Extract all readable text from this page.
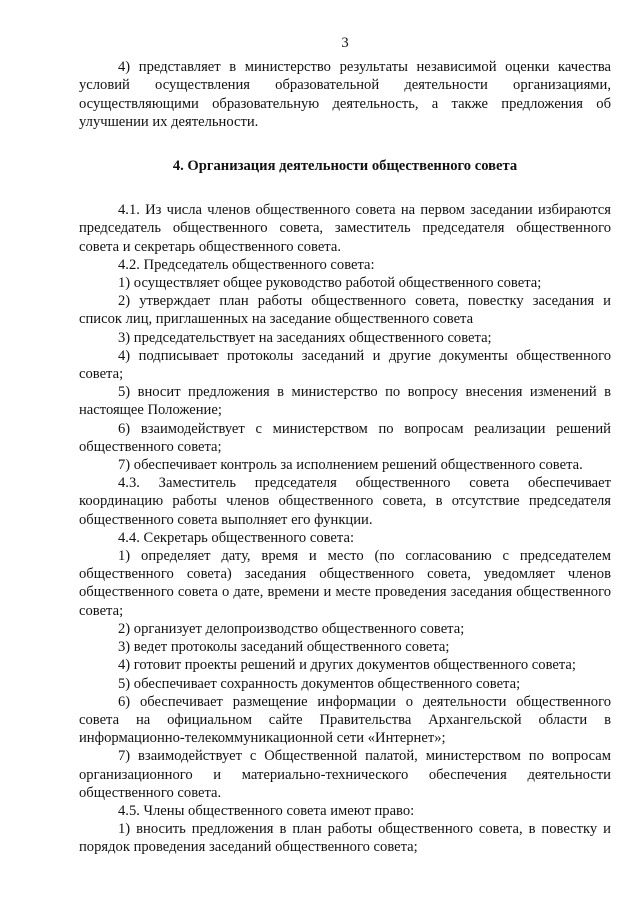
3

4) представляет в министерство результаты независимой оценки качества условий осуществления образовательной деятельности организациями, осуществляющими образовательную деятельность, а также предложения об улучшении их деятельности.

4. Организация деятельности общественного совета

4.1. Из числа членов общественного совета на первом заседании избираются председатель общественного совета, заместитель председателя общественного совета и секретарь общественного совета.

4.2. Председатель общественного совета:

1) осуществляет общее руководство работой общественного совета;

2) утверждает план работы общественного совета, повестку заседания и список лиц, приглашенных на заседание общественного совета

3) председательствует на заседаниях общественного совета;

4) подписывает протоколы заседаний и другие документы общественного совета;

5) вносит предложения в министерство по вопросу внесения изменений в настоящее Положение;

6) взаимодействует с министерством по вопросам реализации решений общественного совета;

7) обеспечивает контроль за исполнением решений общественного совета.

4.3. Заместитель председателя общественного совета обеспечивает координацию работы членов общественного совета, в отсутствие председателя общественного совета выполняет его функции.

4.4. Секретарь общественного совета:

1) определяет дату, время и место (по согласованию с председателем общественного совета) заседания общественного совета, уведомляет членов общественного совета о дате, времени и месте проведения заседания общественного совета;

2) организует делопроизводство общественного совета;

3) ведет протоколы заседаний общественного совета;

4) готовит проекты решений и других документов общественного совета;

5) обеспечивает сохранность документов общественного совета;

6) обеспечивает размещение информации о деятельности общественного совета на официальном сайте Правительства Архангельской области в информационно-телекоммуникационной сети «Интернет»;

7) взаимодействует с Общественной палатой, министерством по вопросам организационного и материально-технического обеспечения деятельности общественного совета.

4.5. Члены общественного совета имеют право:

1) вносить предложения в план работы общественного совета, в повестку и порядок проведения заседаний общественного совета;
